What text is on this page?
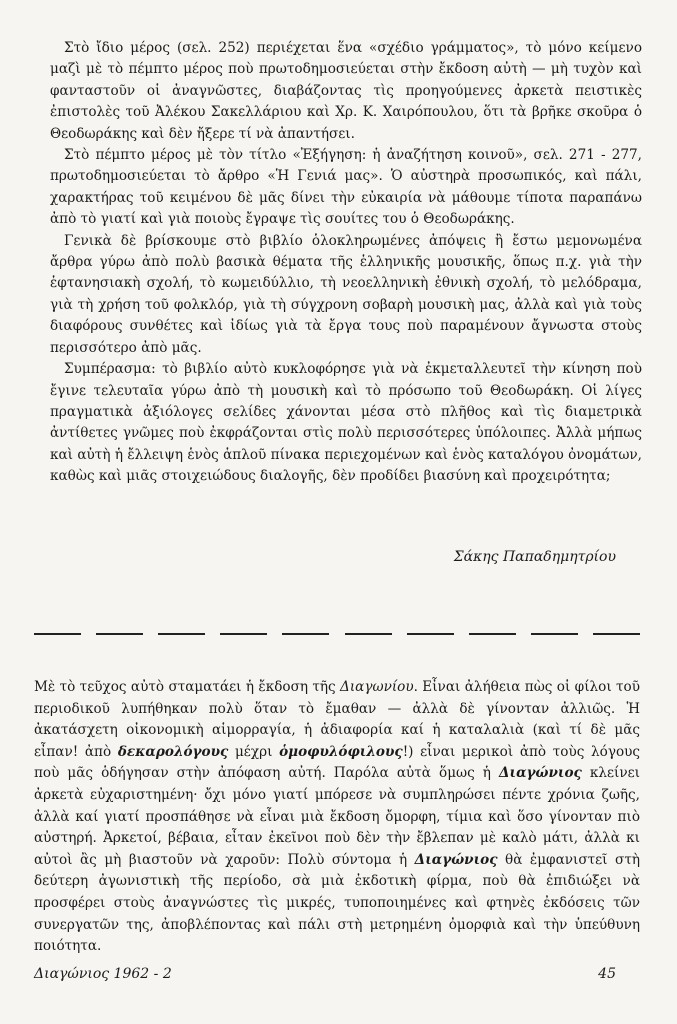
Στὸ ἴδιο μέρος (σελ. 252) περιέχεται ἕνα «σχέδιο γράμματος», τὸ μόνο κείμενο μαζὶ μὲ τὸ πέμπτο μέρος ποὺ πρωτοδημοσιεύεται στὴν ἔκδοση αὐτὴ — μὴ τυχὸν καὶ φανταστοῦν οἱ ἀναγνῶστες, διαβάζοντας τὶς προηγούμενες ἀρκετὰ πειστικὲς ἐπιστολὲς τοῦ Ἀλέκου Σακελλάριου καὶ Χρ. Κ. Χαιρόπουλου, ὅτι τὰ βρῆκε σκοῦρα ὁ Θεοδωράκης καὶ δὲν ἤξερε τί νὰ ἀπαντήσει.

Στὸ πέμπτο μέρος μὲ τὸν τίτλο «Ἐξήγηση: ἡ ἀναζήτηση κοινοῦ», σελ. 271 - 277, πρωτοδημοσιεύεται τὸ ἄρθρο «Ἡ Γενιά μας». Ὁ αὐστηρὰ προσωπικός, καὶ πάλι, χαρακτήρας τοῦ κειμένου δὲ μᾶς δίνει τὴν εὐκαιρία νὰ μάθουμε τίποτα παραπάνω ἀπὸ τὸ γιατί καὶ γιὰ ποιοὺς ἔγραψε τὶς σουίτες του ὁ Θεοδωράκης.

Γενικὰ δὲ βρίσκουμε στὸ βιβλίο ὁλοκληρωμένες ἀπόψεις ἢ ἔστω μεμονωμένα ἄρθρα γύρω ἀπὸ πολὺ βασικὰ θέματα τῆς ἑλληνικῆς μουσικῆς, ὅπως π.χ. γιὰ τὴν ἑφτανησιακὴ σχολή, τὸ κωμειδύλλιο, τὴ νεοελληνικὴ ἐθνικὴ σχολή, τὸ μελόδραμα, γιὰ τὴ χρήση τοῦ φολκλόρ, γιὰ τὴ σύγχρονη σοβαρὴ μουσικὴ μας, ἀλλὰ καὶ γιὰ τοὺς διαφόρους συνθέτες καὶ ἰδίως γιὰ τὰ ἔργα τους ποὺ παραμένουν ἄγνωστα στοὺς περισσότερο ἀπὸ μᾶς.

Συμπέρασμα: τὸ βιβλίο αὐτὸ κυκλοφόρησε γιὰ νὰ ἐκμεταλλευτεῖ τὴν κίνηση ποὺ ἔγινε τελευταῖα γύρω ἀπὸ τὴ μουσικὴ καὶ τὸ πρόσωπο τοῦ Θεοδωράκη. Οἱ λίγες πραγματικὰ ἀξιόλογες σελίδες χάνονται μέσα στὸ πλῆθος καὶ τὶς διαμετρικὰ ἀντίθετες γνῶμες ποὺ ἐκφράζονται στὶς πολὺ περισσότερες ὑπόλοιπες. Ἀλλὰ μήπως καὶ αὐτὴ ἡ ἔλλειψη ἑνὸς ἁπλοῦ πίνακα περιεχομένων καὶ ἑνὸς καταλόγου ὀνομάτων, καθὼς καὶ μιᾶς στοιχειώδους διαλογῆς, δὲν προδίδει βιασύνη καὶ προχειρότητα;

Σάκης Παπαδημητρίου

Μὲ τὸ τεῦχος αὐτὸ σταματάει ἡ ἔκδοση τῆς Διαγωνίου. Εἶναι ἀλήθεια πὼς οἱ φίλοι τοῦ περιοδικοῦ λυπήθηκαν πολὺ ὅταν τὸ ἔμαθαν — ἀλλὰ δὲ γίνονταν ἀλλιῶς. Ἡ ἀκατάσχετη οἰκονομικὴ αἱμορραγία, ἡ ἀδιαφορία καί ἡ καταλαλιὰ (καὶ τί δὲ μᾶς εἶπαν! ἀπὸ δεκαρολόγους μέχρι ὁμοφυλόφιλους!) εἶναι μερικοὶ ἀπὸ τοὺς λόγους ποὺ μᾶς ὁδήγησαν στὴν ἀπόφαση αὐτή. Παρόλα αὐτὰ ὅμως ἡ Διαγώνιος κλείνει ἀρκετὰ εὐχαριστημένη· ὄχι μόνο γιατί μπόρεσε νὰ συμπληρώσει πέντε χρόνια ζωῆς, ἀλλὰ καί γιατί προσπάθησε νὰ εἶναι μιὰ ἔκδοση ὄμορφη, τίμια καὶ ὅσο γίνονταν πιὸ αὐστηρή. Ἀρκετοί, βέβαια, εἶταν ἐκεῖνοι ποὺ δὲν τὴν ἔβλεπαν μὲ καλὸ μάτι, ἀλλὰ κι αὐτοὶ ἂς μὴ βιαστοῦν νὰ χαροῦν: Πολὺ σύντομα ἡ Διαγώνιος θὰ ἐμφανιστεῖ στὴ δεύτερη ἀγωνιστικὴ τῆς περίοδο, σὰ μιὰ ἐκδοτικὴ φίρμα, ποὺ θὰ ἐπιδιώξει νὰ προσφέρει στοὺς ἀναγνώστες τὶς μικρές, τυποποιημένες καὶ φτηνὲς ἐκδόσεις τῶν συνεργατῶν της, ἀποβλέποντας καὶ πάλι στὴ μετρημένη ὀμορφιὰ καὶ τὴν ὑπεύθυνη ποιότητα.

Διαγώνιος 1962 - 2	45
